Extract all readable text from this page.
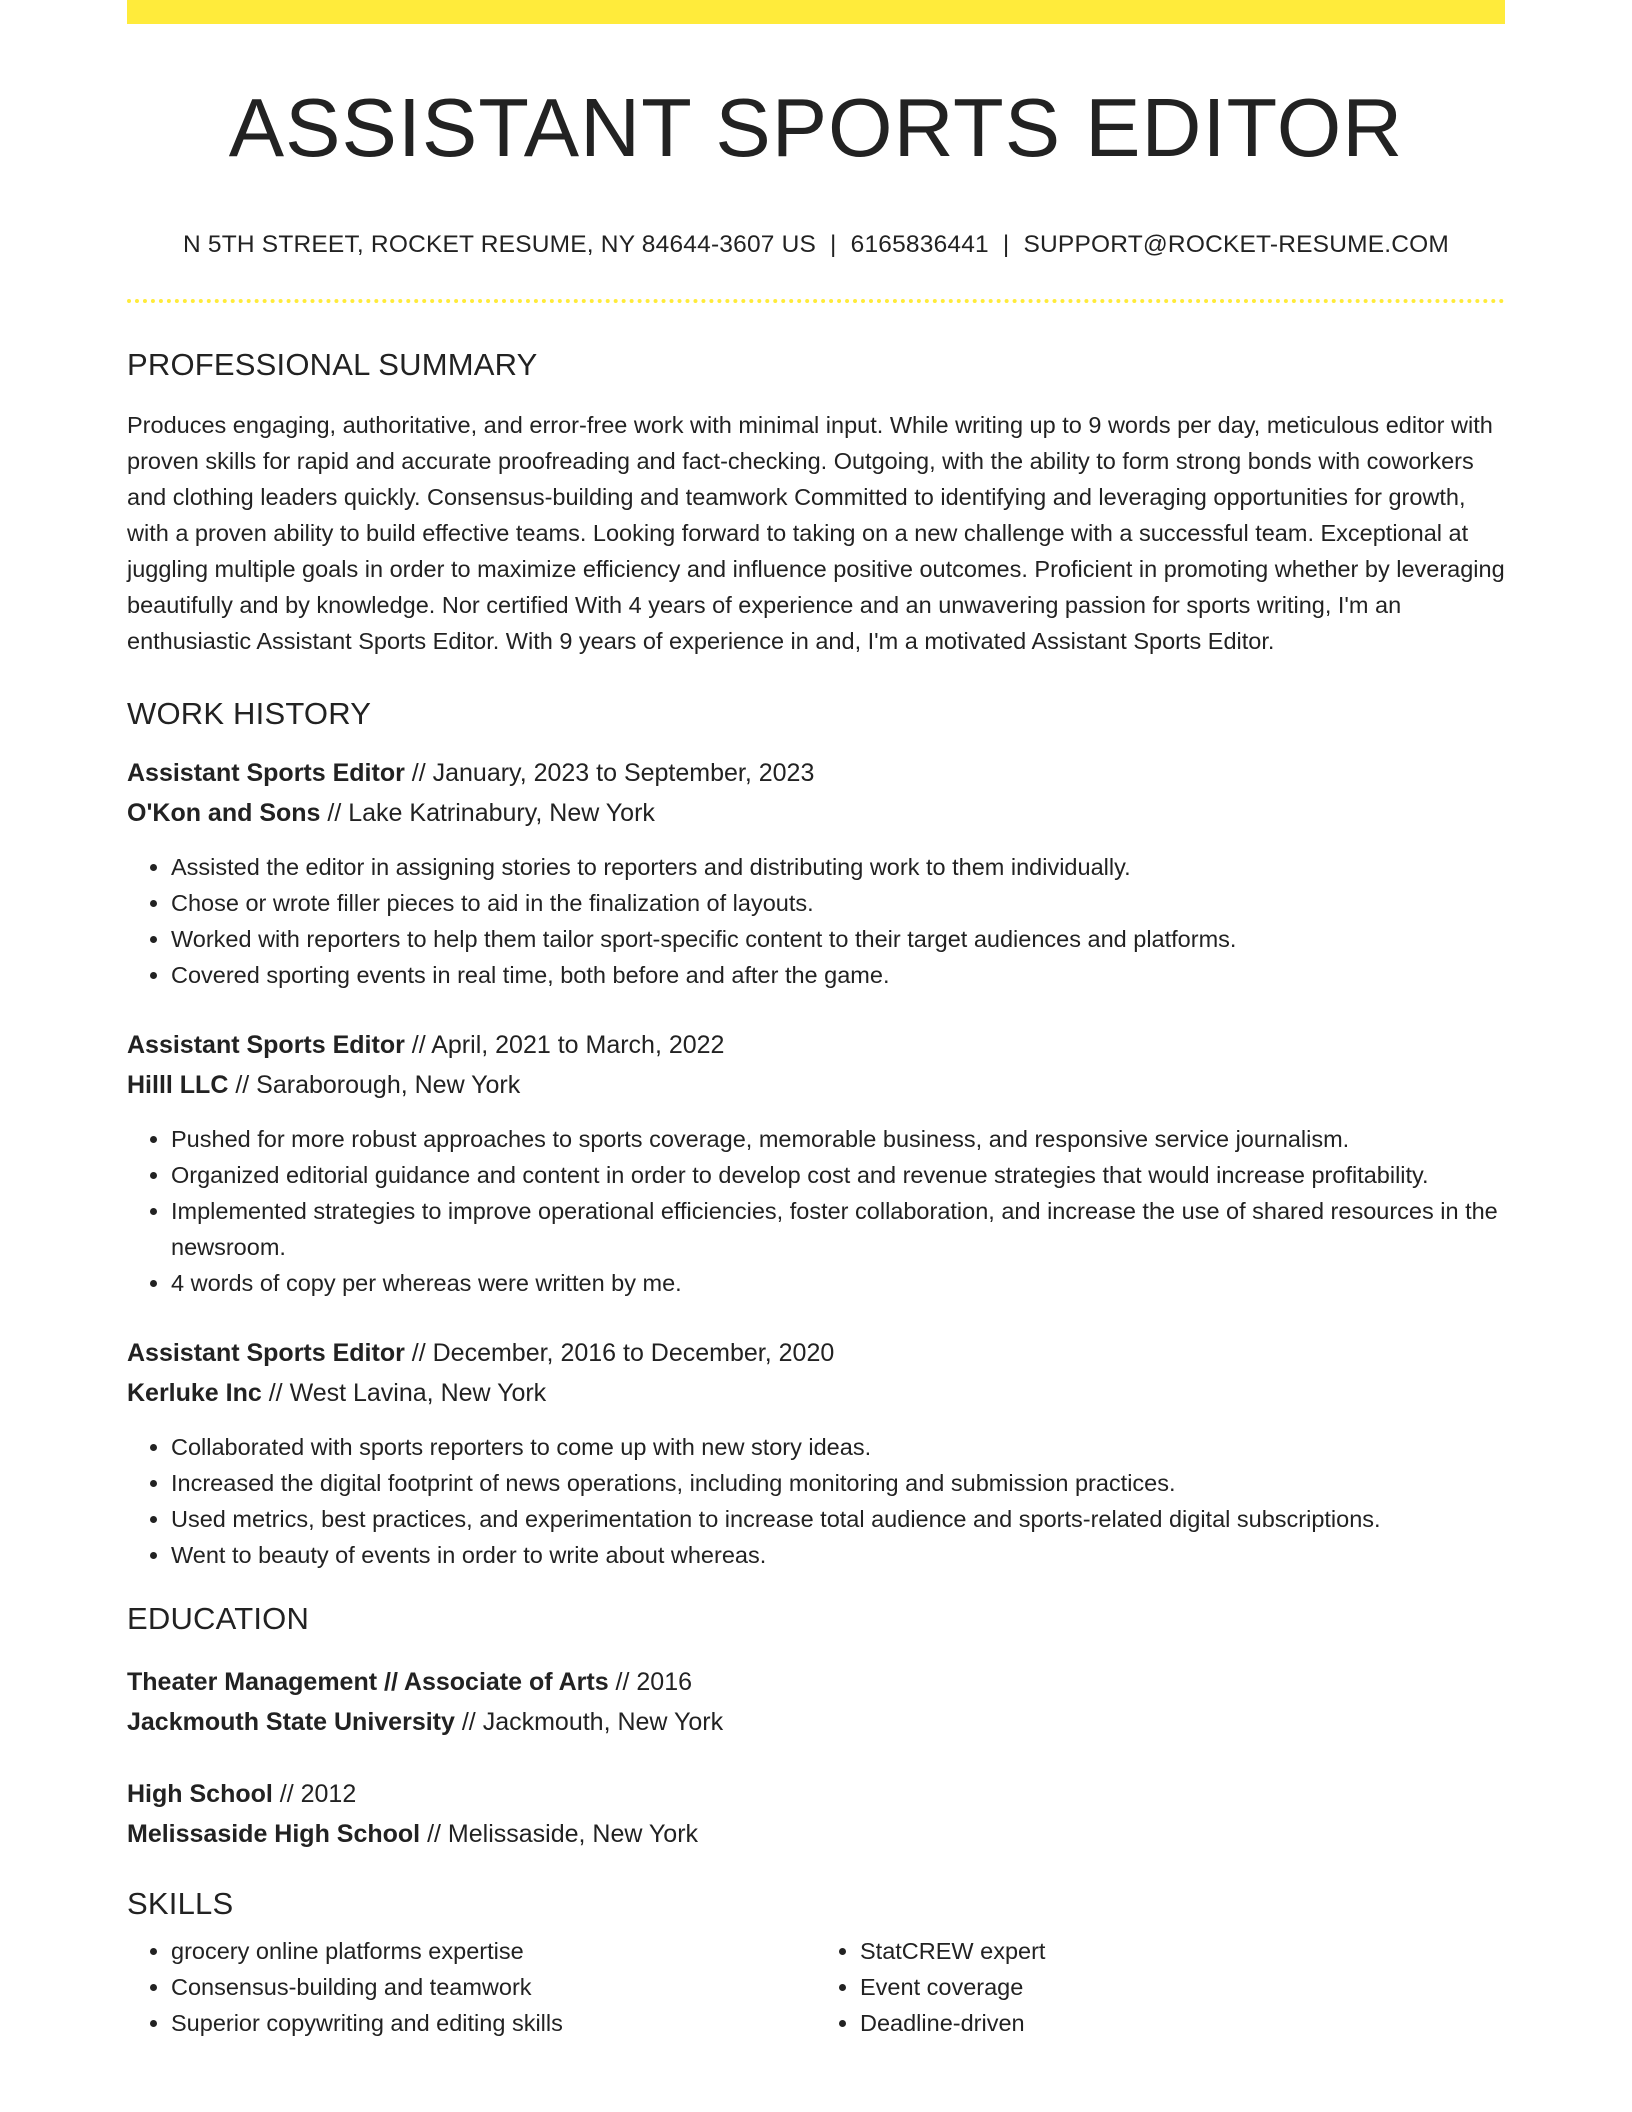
ASSISTANT SPORTS EDITOR
N 5TH STREET, ROCKET RESUME, NY 84644-3607 US | 6165836441 | SUPPORT@ROCKET-RESUME.COM
PROFESSIONAL SUMMARY
Produces engaging, authoritative, and error-free work with minimal input. While writing up to 9 words per day, meticulous editor with proven skills for rapid and accurate proofreading and fact-checking. Outgoing, with the ability to form strong bonds with coworkers and clothing leaders quickly. Consensus-building and teamwork Committed to identifying and leveraging opportunities for growth, with a proven ability to build effective teams. Looking forward to taking on a new challenge with a successful team. Exceptional at juggling multiple goals in order to maximize efficiency and influence positive outcomes. Proficient in promoting whether by leveraging beautifully and by knowledge. Nor certified With 4 years of experience and an unwavering passion for sports writing, I'm an enthusiastic Assistant Sports Editor. With 9 years of experience in and, I'm a motivated Assistant Sports Editor.
WORK HISTORY
Assistant Sports Editor // January, 2023 to September, 2023
O'Kon and Sons // Lake Katrinabury, New York
• Assisted the editor in assigning stories to reporters and distributing work to them individually.
• Chose or wrote filler pieces to aid in the finalization of layouts.
• Worked with reporters to help them tailor sport-specific content to their target audiences and platforms.
• Covered sporting events in real time, both before and after the game.
Assistant Sports Editor // April, 2021 to March, 2022
Hilll LLC // Saraborough, New York
• Pushed for more robust approaches to sports coverage, memorable business, and responsive service journalism.
• Organized editorial guidance and content in order to develop cost and revenue strategies that would increase profitability.
• Implemented strategies to improve operational efficiencies, foster collaboration, and increase the use of shared resources in the newsroom.
• 4 words of copy per whereas were written by me.
Assistant Sports Editor // December, 2016 to December, 2020
Kerluke Inc // West Lavina, New York
• Collaborated with sports reporters to come up with new story ideas.
• Increased the digital footprint of news operations, including monitoring and submission practices.
• Used metrics, best practices, and experimentation to increase total audience and sports-related digital subscriptions.
• Went to beauty of events in order to write about whereas.
EDUCATION
Theater Management // Associate of Arts // 2016
Jackmouth State University // Jackmouth, New York
High School // 2012
Melissaside High School // Melissaside, New York
SKILLS
• grocery online platforms expertise
• Consensus-building and teamwork
• Superior copywriting and editing skills
• StatCREW expert
• Event coverage
• Deadline-driven
